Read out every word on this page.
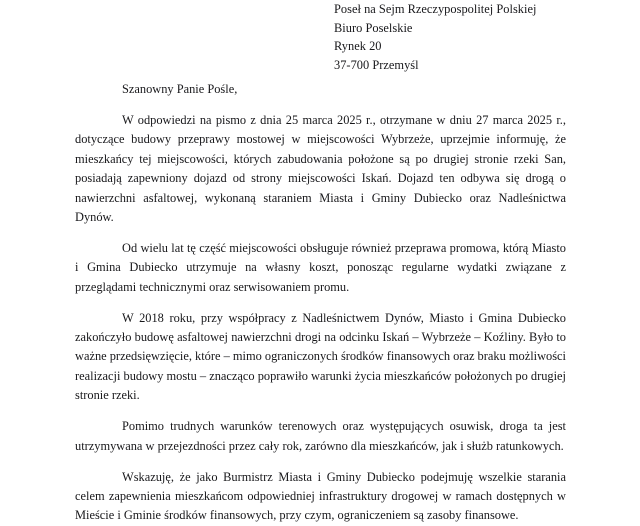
Poseł na Sejm Rzeczypospolitej Polskiej
Biuro Poselskie
Rynek 20
37-700 Przemyśl
Szanowny Panie Pośle,

W odpowiedzi na pismo z dnia 25 marca 2025 r., otrzymane w dniu 27 marca 2025 r., dotyczące budowy przeprawy mostowej w miejscowości Wybrzeże, uprzejmie informuję, że mieszkańcy tej miejscowości, których zabudowania położone są po drugiej stronie rzeki San, posiadają zapewniony dojazd od strony miejscowości Iskań. Dojazd ten odbywa się drogą o nawierzchni asfaltowej, wykonaną staraniem Miasta i Gminy Dubiecko oraz Nadleśnictwa Dynów.

Od wielu lat tę część miejscowości obsługuje również przeprawa promowa, którą Miasto i Gmina Dubiecko utrzymuje na własny koszt, ponosząc regularne wydatki związane z przeglądami technicznymi oraz serwisowaniem promu.

W 2018 roku, przy współpracy z Nadleśnictwem Dynów, Miasto i Gmina Dubiecko zakończyło budowę asfaltowej nawierzchni drogi na odcinku Iskań – Wybrzeże – Koźliny. Było to ważne przedsięwzięcie, które – mimo ograniczonych środków finansowych oraz braku możliwości realizacji budowy mostu – znacząco poprawiło warunki życia mieszkańców położonych po drugiej stronie rzeki.

Pomimo trudnych warunków terenowych oraz występujących osuwisk, droga ta jest utrzymywana w przejezdności przez cały rok, zarówno dla mieszkańców, jak i służb ratunkowych.

Wskazuję, że jako Burmistrz Miasta i Gminy Dubiecko podejmuję wszelkie starania celem zapewnienia mieszkańcom odpowiedniej infrastruktury drogowej w ramach dostępnych w Mieście i Gminie środków finansowych, przy czym, ograniczeniem są zasoby finansowe.
